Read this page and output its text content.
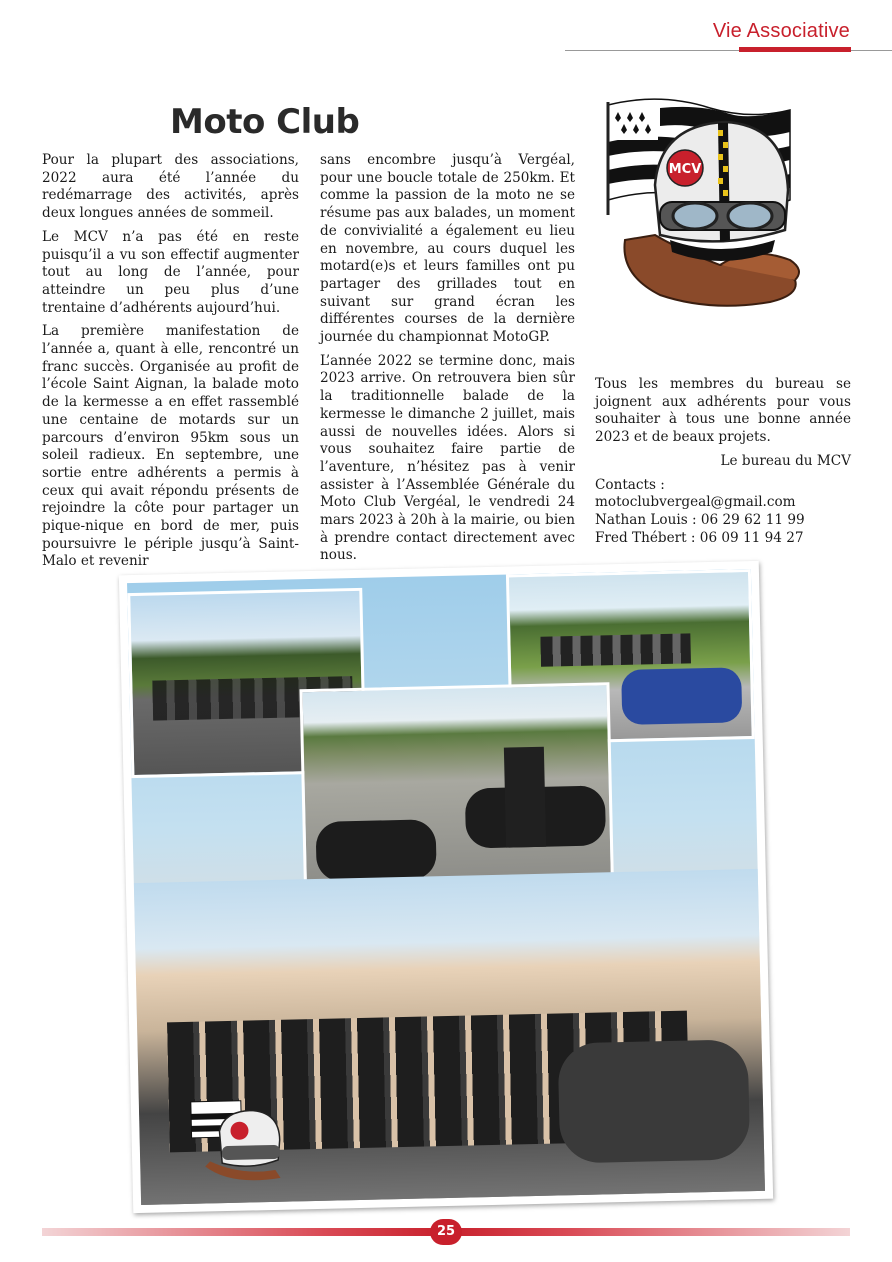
Vie Associative
Moto Club

Pour la plupart des associations, 2022 aura été l’année du redémarrage des activités, après deux longues années de sommeil.

Le MCV n’a pas été en reste puisqu’il a vu son effectif augmenter tout au long de l’année, pour atteindre un peu plus d’une trentaine d’adhérents aujourd’hui.

La première manifestation de l’année a, quant à elle, rencontré un franc succès. Organisée au profit de l’école Saint Aignan, la balade moto de la kermesse a en effet rassemblé une centaine de motards sur un parcours d’environ 95km sous un soleil radieux. En septembre, une sortie entre adhérents a permis à ceux qui avait répondu présents de rejoindre la côte pour partager un pique-nique en bord de mer, puis poursuivre le périple jusqu’à Saint-Malo et revenir

sans encombre jusqu’à Vergéal, pour une boucle totale de 250km. Et comme la passion de la moto ne se résume pas aux balades, un moment de convivialité a également eu lieu en novembre, au cours duquel les motard(e)s et leurs familles ont pu partager des grillades tout en suivant sur grand écran les différentes courses de la dernière journée du championnat MotoGP.

L’année 2022 se termine donc, mais 2023 arrive. On retrouvera bien sûr la traditionnelle balade de la kermesse le dimanche 2 juillet, mais aussi de nouvelles idées. Alors si vous souhaitez faire partie de l’aventure, n’hésitez pas à venir assister à l’Assemblée Générale du Moto Club Vergéal, le vendredi 24 mars 2023 à 20h à la mairie, ou bien à prendre contact directement avec nous.

Tous les membres du bureau se joignent aux adhérents pour vous souhaiter à tous une bonne année 2023 et de beaux projets.

Le bureau du MCV

Contacts :

motoclubvergeal@gmail.com

Nathan Louis : 06 29 62 11 99

Fred Thébert : 06 09 11 94 27

MCV
25
